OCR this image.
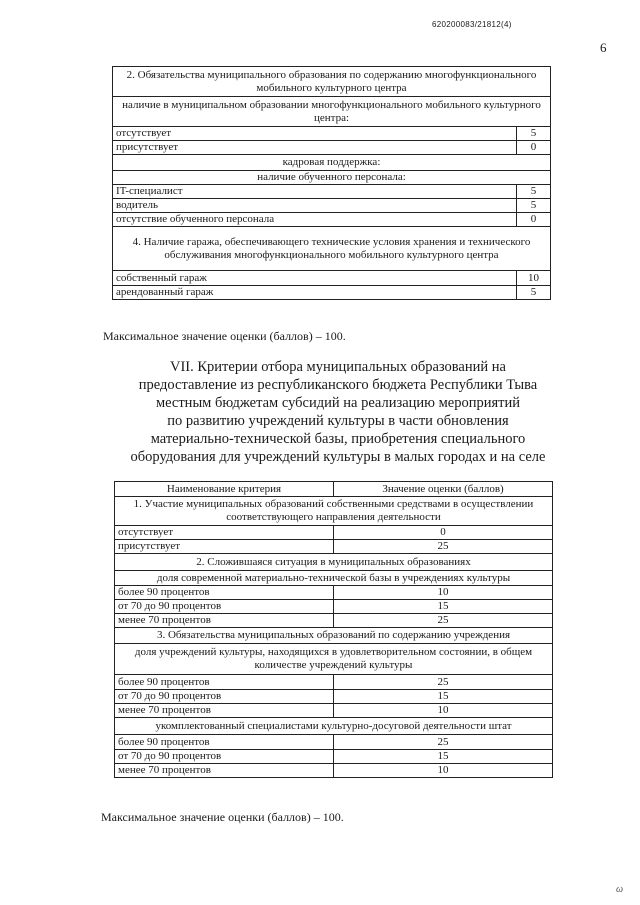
620200083/21812(4)
6
2. Обязательства муниципального образования по содержанию многофункционального мобильного культурного центра	
наличие в муниципальном образовании многофункционального мобильного культурного центра:	
отсутствует	5
присутствует	0
кадровая поддержка:	
наличие обученного персонала:	
IT-специалист	5
водитель	5
отсутствие обученного персонала	0
4. Наличие гаража, обеспечивающего технические условия хранения и технического обслуживания многофункционального мобильного культурного центра	
собственный гараж	10
арендованный гараж	5
Максимальное значение оценки (баллов) – 100.
VII. Критерии отбора муниципальных образований на
предоставление из республиканского бюджета Республики Тыва
местным бюджетам субсидий на реализацию мероприятий
по развитию учреждений культуры в части обновления
материально-технической базы, приобретения специального
оборудования для учреждений культуры в малых городах и на селе
Наименование критерия	Значение оценки (баллов)
1. Участие муниципальных образований собственными средствами в осуществлении соответствующего направления деятельности	
отсутствует	0
присутствует	25
2. Сложившаяся ситуация в муниципальных образованиях	
доля современной материально-технической базы в учреждениях культуры	
более 90 процентов	10
от 70 до 90 процентов	15
менее 70 процентов	25
3. Обязательства муниципальных образований по содержанию учреждения	
доля учреждений культуры, находящихся в удовлетворительном состоянии, в общем количестве учреждений культуры	
более 90 процентов	25
от 70 до 90 процентов	15
менее 70 процентов	10
укомплектованный специалистами культурно-досуговой деятельности штат	
более 90 процентов	25
от 70 до 90 процентов	15
менее 70 процентов	10
Максимальное значение оценки (баллов) – 100.
ω
